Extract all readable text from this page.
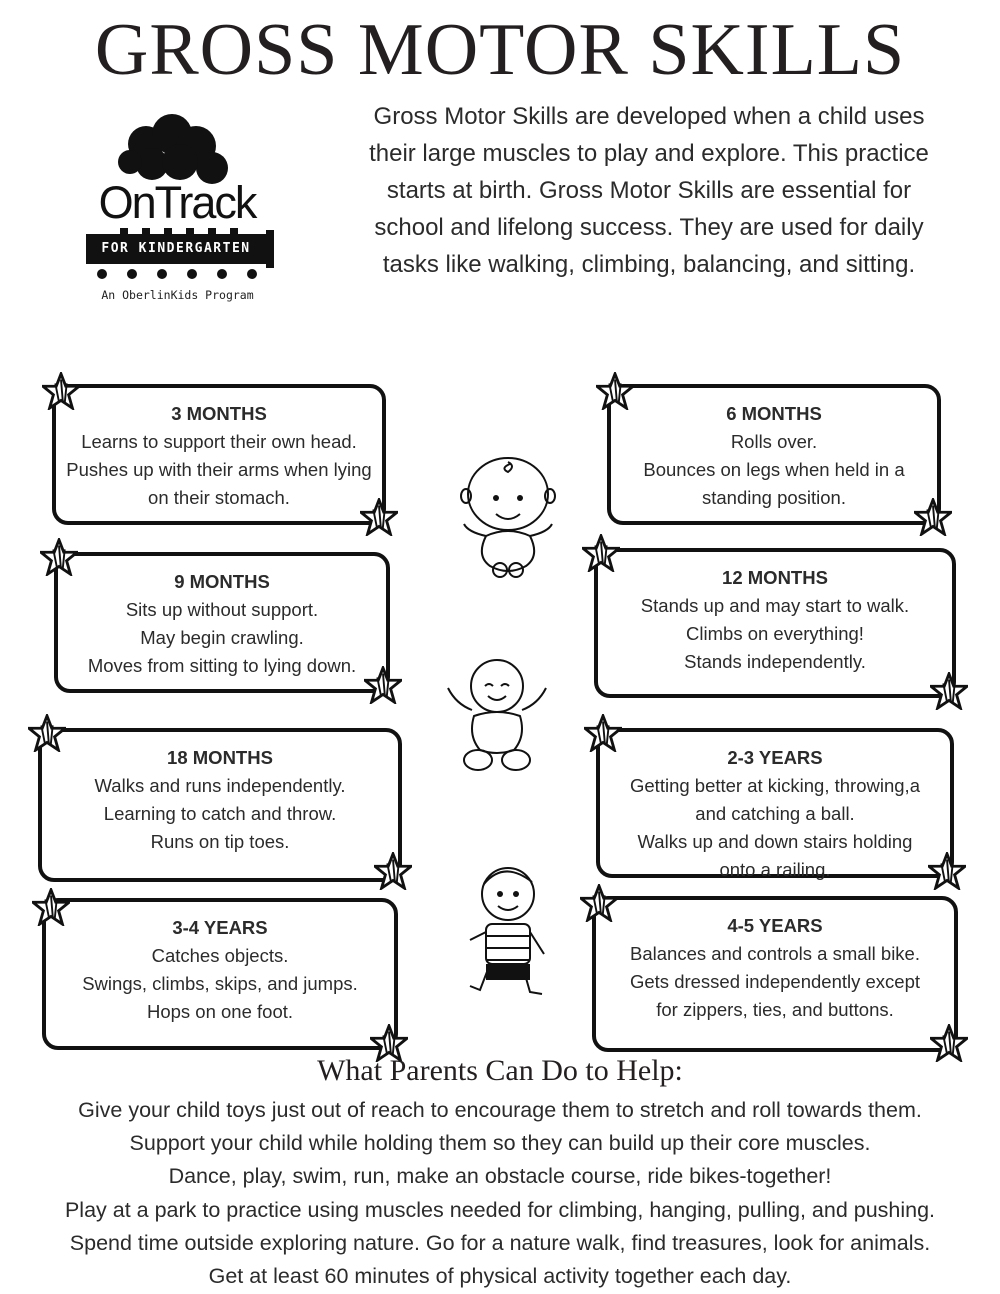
GROSS MOTOR SKILLS
OnTrack
FOR KINDERGARTEN
An OberlinKids Program
Gross Motor Skills are developed when a child uses
their large muscles to play and explore. This practice
starts at birth. Gross Motor Skills are essential for
school and lifelong success. They are used for daily
tasks like walking, climbing, balancing, and sitting.
3 MONTHS
Learns to support their own head.
Pushes up with their arms when lying
on their stomach.
6 MONTHS
Rolls over.
Bounces on legs when held in a
standing position.
9 MONTHS
Sits up without support.
May begin crawling.
Moves from sitting to lying down.
12 MONTHS
Stands up and may start to walk.
Climbs on everything!
Stands independently.
18 MONTHS
Walks and runs independently.
Learning to catch and throw.
Runs on tip toes.
2-3 YEARS
Getting better at kicking, throwing,a
and catching a ball.
Walks up and down stairs holding
onto a railing.
3-4 YEARS
Catches objects.
Swings, climbs, skips, and jumps.
Hops on one foot.
4-5 YEARS
Balances and controls a small bike.
Gets dressed independently except
for zippers, ties, and buttons.
What Parents Can Do to Help:
Give your child toys just out of reach to encourage them to stretch and roll towards them.
Support your child while holding them so they can build up their core muscles.
Dance, play, swim, run, make an obstacle course, ride bikes-together!
Play at a park to practice using muscles needed for climbing, hanging, pulling, and pushing.
Spend time outside exploring nature. Go for a nature walk, find treasures, look for animals.
Get at least 60 minutes of physical activity together each day.
